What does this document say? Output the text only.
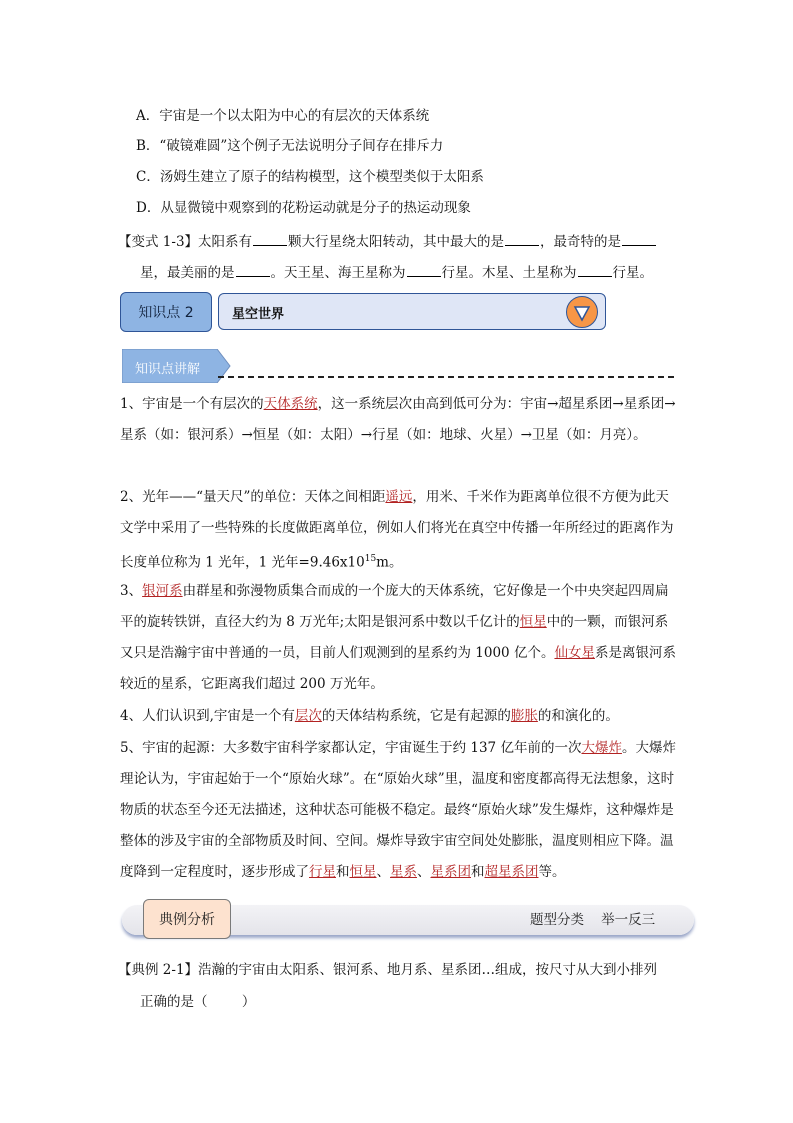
A．宇宙是一个以太阳为中心的有层次的天体系统
B．“破镜难圆”这个例子无法说明分子间存在排斥力
C．汤姆生建立了原子的结构模型，这个模型类似于太阳系
D．从显微镜中观察到的花粉运动就是分子的热运动现象
【变式 1-3】太阳系有	颗大行星绕太阳转动，其中最大的是	，最奇特的是
星，最美丽的是	。天王星、海王星称为	行星。木星、土星称为	行星。
知识点 2	星空世界
知识点讲解
1、宇宙是一个有层次的天体系统，这一系统层次由高到低可分为：宇宙→超星系团→星系团→星系（如：银河系）→恒星（如：太阳）→行星（如：地球、火星）→卫星（如：月亮）。
2、光年——“量天尺”的单位：天体之间相距遥远，用米、千米作为距离单位很不方便为此天文学中采用了一些特殊的长度做距离单位，例如人们将光在真空中传播一年所经过的距离作为长度单位称为 1 光年，1 光年$=9.46x10^{15}m$。
3、银河系由群星和弥漫物质集合而成的一个庞大的天体系统，它好像是一个中央突起四周扁平的旋转铁饼，直径大约为 8 万光年;太阳是银河系中数以千亿计的恒星中的一颗，而银河系又只是浩瀚宇宙中普通的一员，目前人们观测到的星系约为 1000 亿个。仙女星系是离银河系较近的星系，它距离我们超过 200 万光年。
4、人们认识到,宇宙是一个有层次的天体结构系统，它是有起源的膨胀的和演化的。
5、宇宙的起源：大多数宇宙科学家都认定，宇宙诞生于约 137 亿年前的一次大爆炸。大爆炸理论认为，宇宙起始于一个“原始火球”。在“原始火球”里，温度和密度都高得无法想象，这时物质的状态至今还无法描述，这种状态可能极不稳定。最终“原始火球”发生爆炸，这种爆炸是整体的涉及宇宙的全部物质及时间、空间。爆炸导致宇宙空间处处膨胀，温度则相应下降。温度降到一定程度时，逐步形成了行星和恒星、星系、星系团和超星系团等。
典例分析	题型分类    举一反三
【典例 2-1】浩瀚的宇宙由太阳系、银河系、地月系、星系团…组成，按尺寸从大到小排列
正确的是（        ）
